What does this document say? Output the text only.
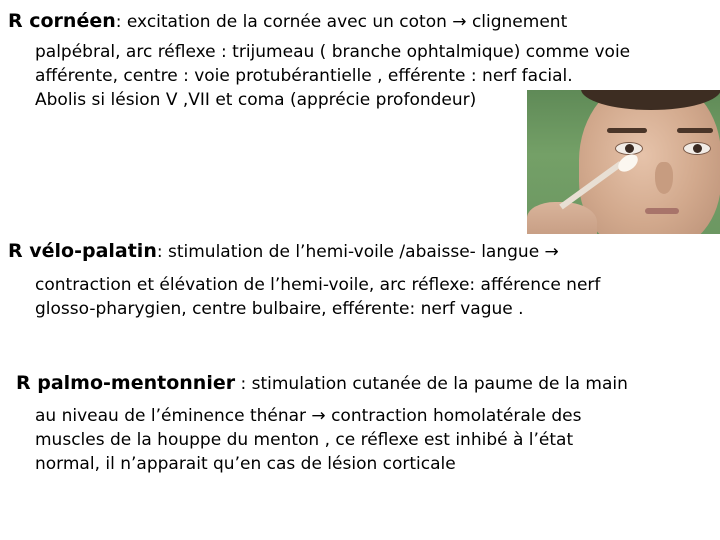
R cornéen: excitation de la cornée avec un coton → clignement
palpébral, arc réflexe : trijumeau ( branche ophtalmique) comme voie
afférente, centre : voie protubérantielle , efférente : nerf facial.
Abolis si lésion V ,VII et coma (apprécie profondeur)
R vélo-palatin: stimulation de l’hemi-voile /abaisse- langue →
contraction et élévation de l’hemi-voile, arc réflexe: afférence nerf
glosso-pharygien, centre bulbaire, efférente: nerf vague .
R palmo-mentonnier : stimulation cutanée de la paume de la main
au niveau de l’éminence thénar → contraction homolatérale des
muscles de la houppe du menton , ce réflexe est inhibé à l’état
normal, il n’apparait qu’en cas de lésion corticale
